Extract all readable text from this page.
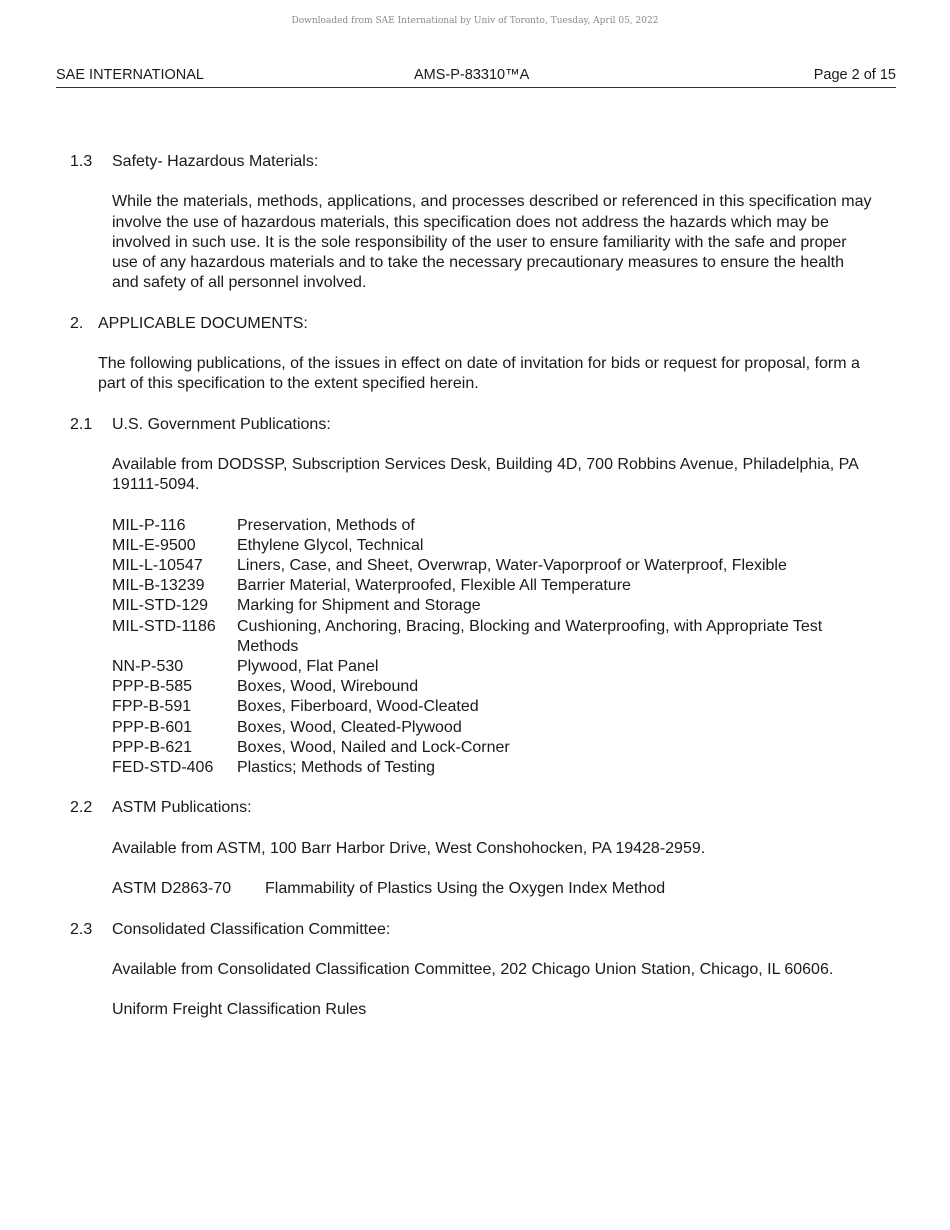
Downloaded from SAE International by Univ of Toronto, Tuesday, April 05, 2022
SAE INTERNATIONAL	AMS-P-83310™A	Page 2 of 15
1.3 Safety- Hazardous Materials:
While the materials, methods, applications, and processes described or referenced in this specification may involve the use of hazardous materials, this specification does not address the hazards which may be involved in such use. It is the sole responsibility of the user to ensure familiarity with the safe and proper use of any hazardous materials and to take the necessary precautionary measures to ensure the health and safety of all personnel involved.
2. APPLICABLE DOCUMENTS:
The following publications, of the issues in effect on date of invitation for bids or request for proposal, form a part of this specification to the extent specified herein.
2.1 U.S. Government Publications:
Available from DODSSP, Subscription Services Desk, Building 4D, 700 Robbins Avenue, Philadelphia, PA 19111-5094.
MIL-P-116	Preservation, Methods of
MIL-E-9500	Ethylene Glycol, Technical
MIL-L-10547	Liners, Case, and Sheet, Overwrap, Water-Vaporproof or Waterproof, Flexible
MIL-B-13239	Barrier Material, Waterproofed, Flexible All Temperature
MIL-STD-129	Marking for Shipment and Storage
MIL-STD-1186	Cushioning, Anchoring, Bracing, Blocking and Waterproofing, with Appropriate Test Methods
NN-P-530	Plywood, Flat Panel
PPP-B-585	Boxes, Wood, Wirebound
FPP-B-591	Boxes, Fiberboard, Wood-Cleated
PPP-B-601	Boxes, Wood, Cleated-Plywood
PPP-B-621	Boxes, Wood, Nailed and Lock-Corner
FED-STD-406	Plastics; Methods of Testing
2.2 ASTM Publications:
Available from ASTM, 100 Barr Harbor Drive, West Conshohocken, PA 19428-2959.
ASTM D2863-70	Flammability of Plastics Using the Oxygen Index Method
2.3 Consolidated Classification Committee:
Available from Consolidated Classification Committee, 202 Chicago Union Station, Chicago, IL 60606.
Uniform Freight Classification Rules
